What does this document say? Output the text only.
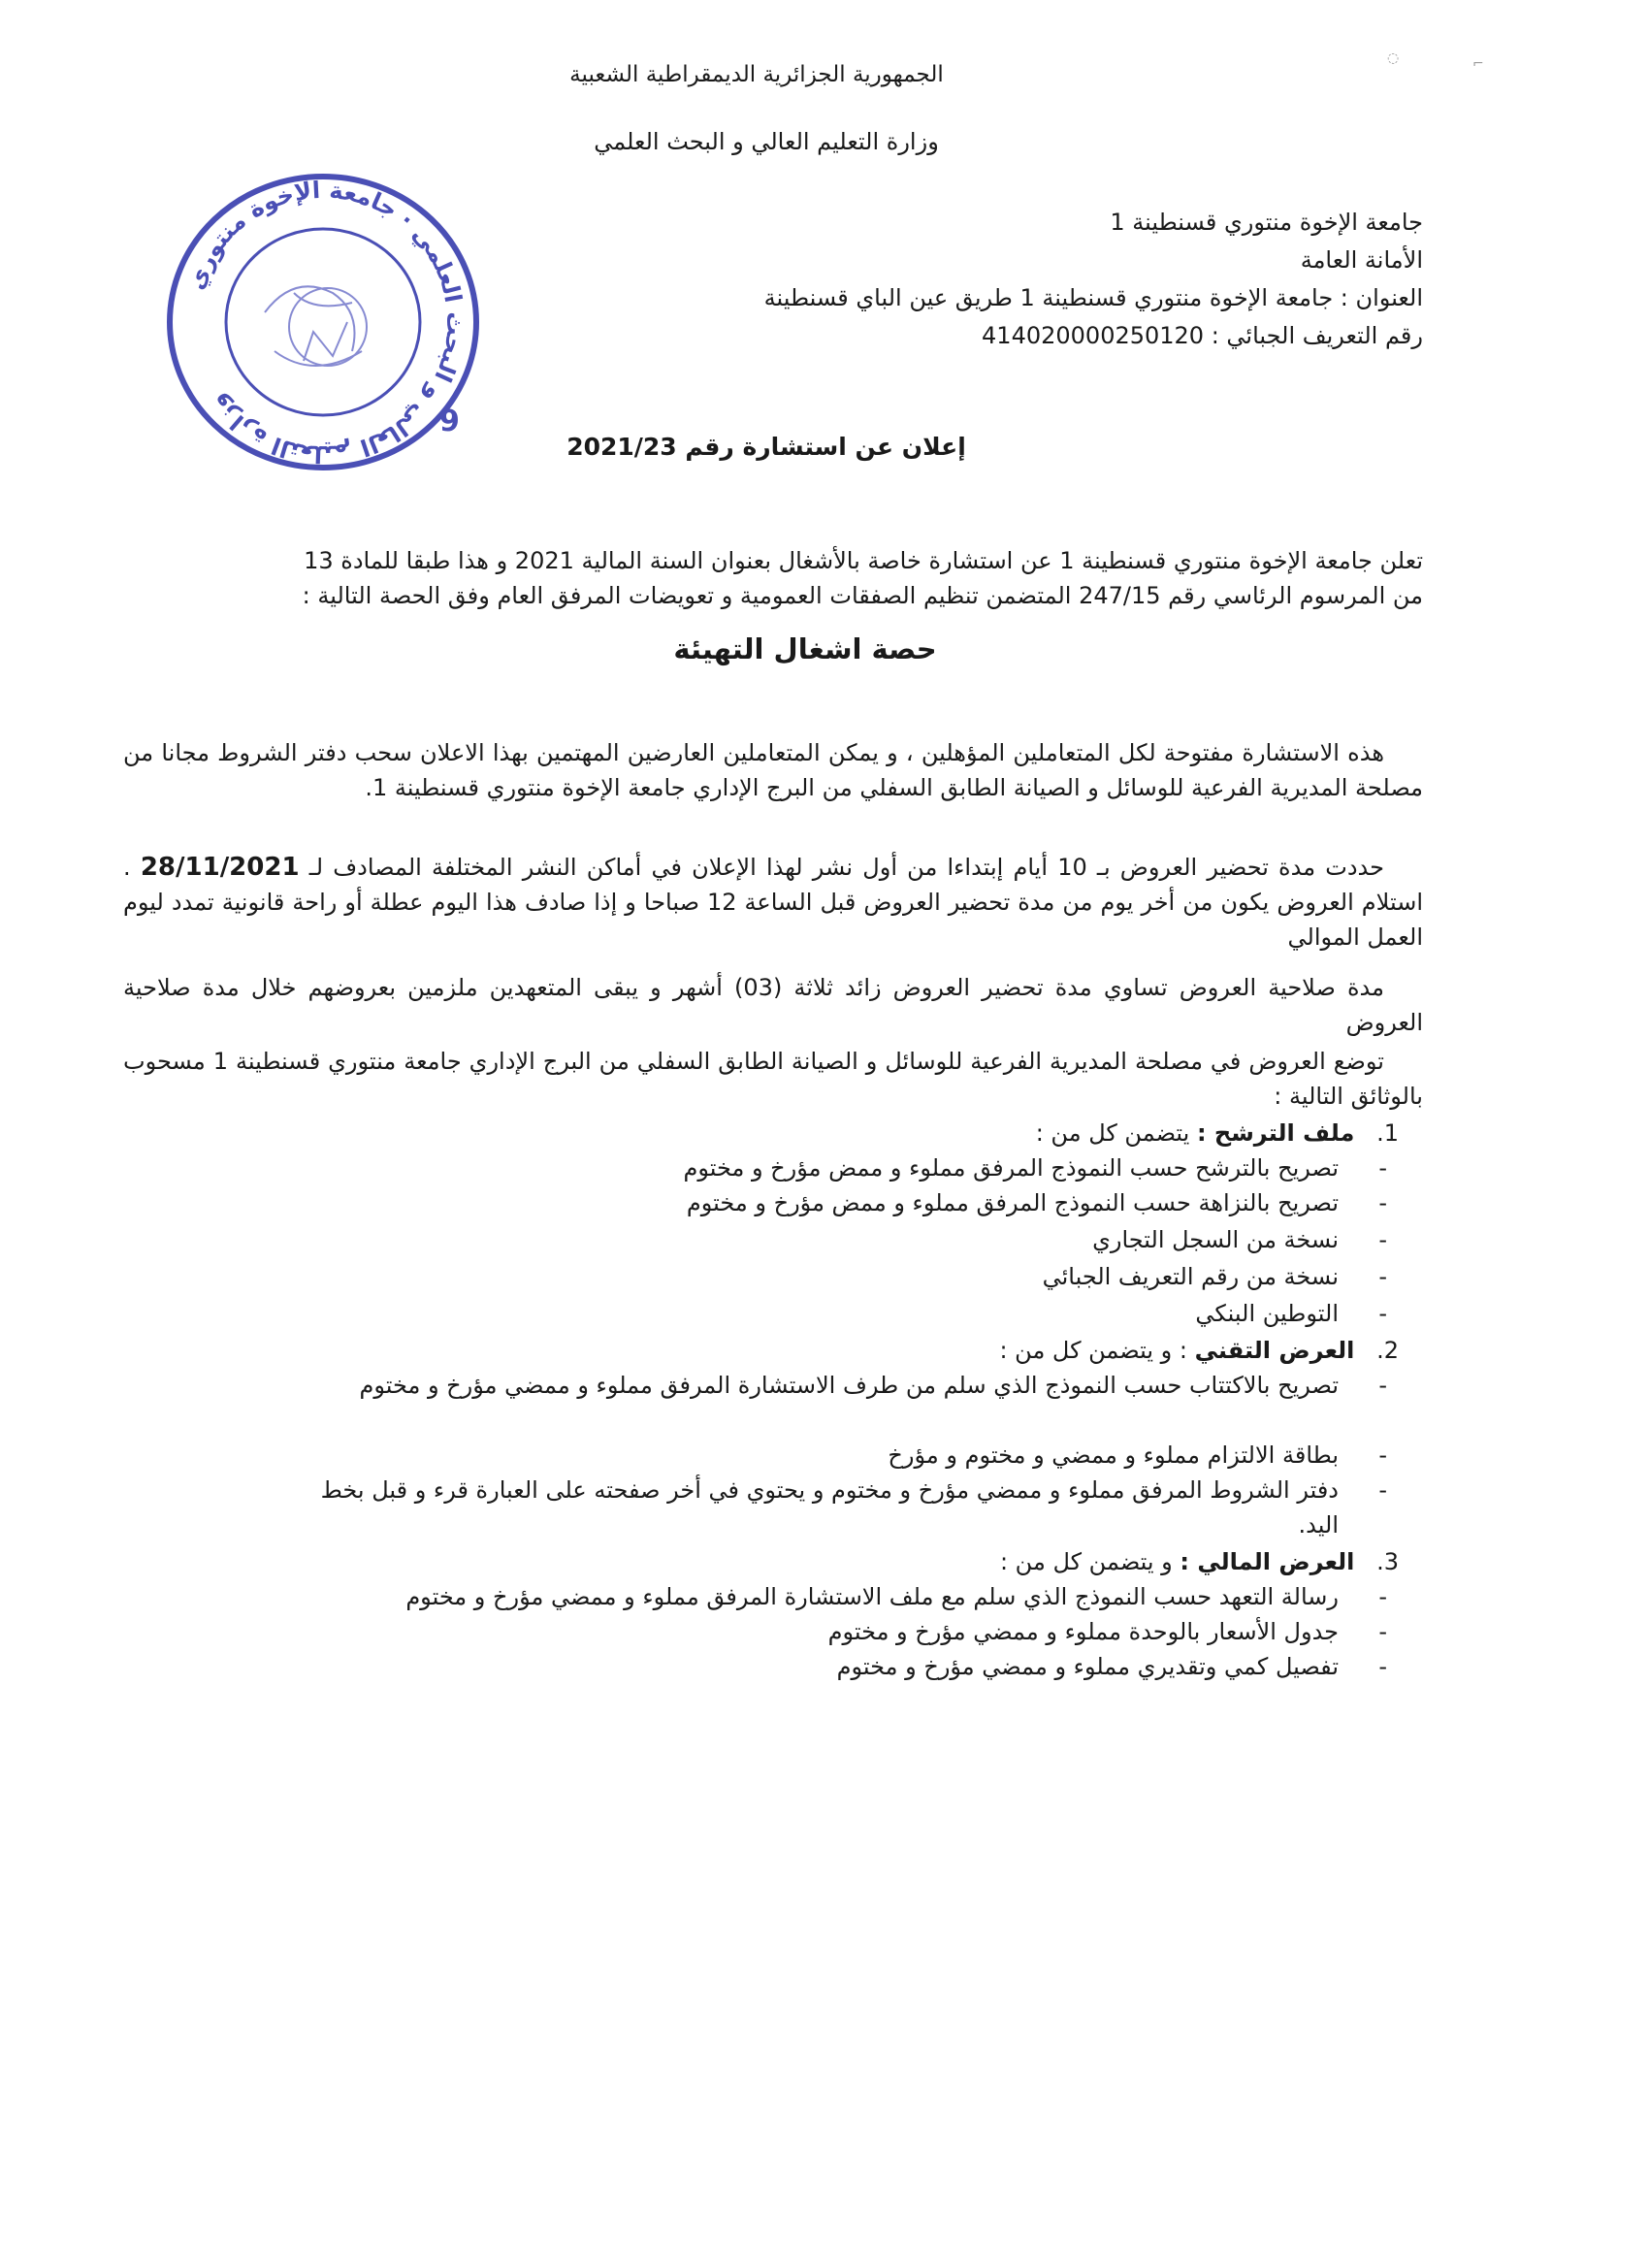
◌	⌐
الجمهورية الجزائرية الديمقراطية الشعبية
وزارة التعليم العالي و البحث العلمي
جامعة الإخوة منتوري قسنطينة 1
الأمانة العامة
العنوان : جامعة الإخوة منتوري قسنطينة 1 طريق عين الباي قسنطينة
رقم التعريف الجبائي : 414020000250120
وزارة التعليم العالي و البحث العلمي · جامعة الإخوة منتوري
9
إعلان عن استشارة رقم 2021/23
تعلن جامعة الإخوة منتوري قسنطينة 1 عن استشارة خاصة بالأشغال بعنوان السنة المالية 2021 و هذا طبقا للمادة 13
من المرسوم الرئاسي رقم 247/15 المتضمن تنظيم الصفقات العمومية و تعويضات المرفق العام وفق الحصة التالية :
حصة اشغال التهيئة
هذه الاستشارة مفتوحة لكل المتعاملين المؤهلين ، و يمكن المتعاملين العارضين المهتمين بهذا الاعلان سحب دفتر الشروط مجانا من مصلحة المديرية الفرعية للوسائل و الصيانة الطابق السفلي من البرج الإداري جامعة الإخوة منتوري قسنطينة 1.
حددت مدة تحضير العروض بـ 10 أيام إبتداءا من أول نشر لهذا الإعلان في أماكن النشر المختلفة المصادف لـ 28/11/2021 . استلام العروض يكون من أخر يوم من مدة تحضير العروض قبل الساعة 12 صباحا و إذا صادف هذا اليوم عطلة أو راحة قانونية تمدد ليوم العمل الموالي
مدة صلاحية العروض تساوي مدة تحضير العروض زائد ثلاثة (03) أشهر و يبقى المتعهدين ملزمين بعروضهم خلال مدة صلاحية العروض
توضع العروض في مصلحة المديرية الفرعية للوسائل و الصيانة الطابق السفلي من البرج الإداري جامعة منتوري قسنطينة 1 مسحوب بالوثائق التالية :
1. ملف الترشح : يتضمن كل من :
-
تصريح بالترشح حسب النموذج المرفق مملوء و ممض مؤرخ و مختوم
-
تصريح بالنزاهة حسب النموذج المرفق مملوء و ممض مؤرخ و مختوم
-
نسخة من السجل التجاري
-
نسخة من رقم التعريف الجبائي
-
التوطين البنكي
2. العرض التقني : و يتضمن كل من :
-
تصريح بالاكتتاب حسب النموذج الذي سلم من طرف الاستشارة المرفق مملوء و ممضي مؤرخ و مختوم
-
بطاقة الالتزام مملوء و ممضي و مختوم و مؤرخ
-
دفتر الشروط المرفق مملوء و ممضي مؤرخ و مختوم و يحتوي في أخر صفحته على العبارة قرء و قبل بخط اليد.
3. العرض المالي : و يتضمن كل من :
-
رسالة التعهد حسب النموذج الذي سلم مع ملف الاستشارة المرفق مملوء و ممضي مؤرخ و مختوم
-
جدول الأسعار بالوحدة مملوء و ممضي مؤرخ و مختوم
-
تفصيل كمي وتقديري مملوء و ممضي مؤرخ و مختوم
